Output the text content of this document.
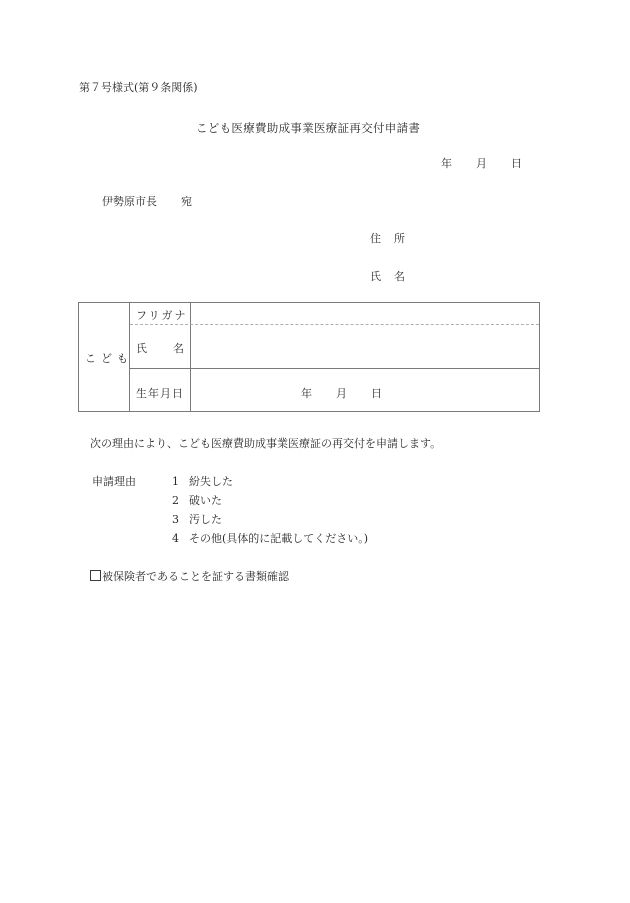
第７号様式(第９条関係)
こども医療費助成事業医療証再交付申請書
年 月 日
伊勢原市長 宛
住 所
氏 名
こども
フリガナ
氏 名
生年月日	年 月 日
次の理由により、こども医療費助成事業医療証の再交付を申請します。
申請理由	1 紛失した
2 破いた
3 汚した
4 その他(具体的に記載してください。)
被保険者であることを証する書類確認
